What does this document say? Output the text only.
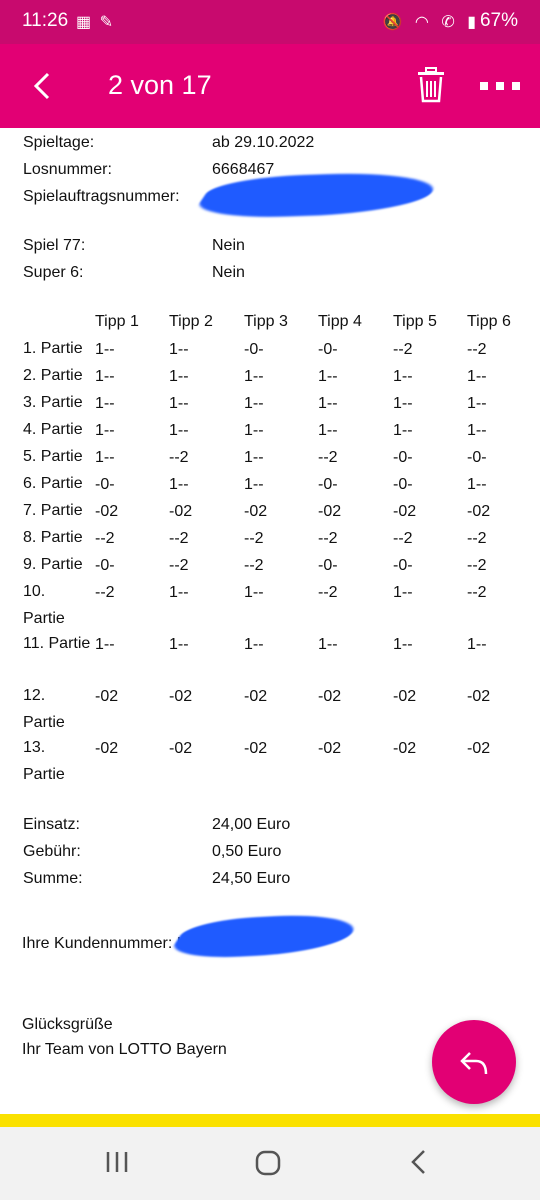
11:26 ▦ ✎	🔕 ◠ ✆ ▮ 67%
2 von 17
Spieltage:	ab 29.10.2022
Losnummer:	6668467
Spielauftragsnummer:
Spiel 77:	Nein
Super 6:	Nein
Tipp 1 Tipp 2 Tipp 3 Tipp 4 Tipp 5 Tipp 6
1. Partie 1--	1--	-0-	-0-	--2	--2
2. Partie 1--	1--	1--	1--	1--	1--
3. Partie 1--	1--	1--	1--	1--	1--
4. Partie 1--	1--	1--	1--	1--	1--
5. Partie 1--	--2	1--	--2	-0-	-0-
6. Partie -0-	1--	1--	-0-	-0-	1--
7. Partie -02	-02	-02	-02	-02	-02
8. Partie --2	--2	--2	--2	--2	--2
9. Partie -0-	--2	--2	-0-	-0-	--2
10. Partie
--2	1--	1--	--2	1--	--2
11. Partie 1--	1--	1--	1--	1--	1--
12. Partie
-02	-02	-02	-02	-02	-02
13. Partie
-02	-02	-02	-02	-02	-02
Einsatz:	24,00 Euro
Gebühr:	0,50 Euro
Summe:	24,50 Euro
Ihre Kundennummer:
Glücksgrüße
Ihr Team von LOTTO Bayern
